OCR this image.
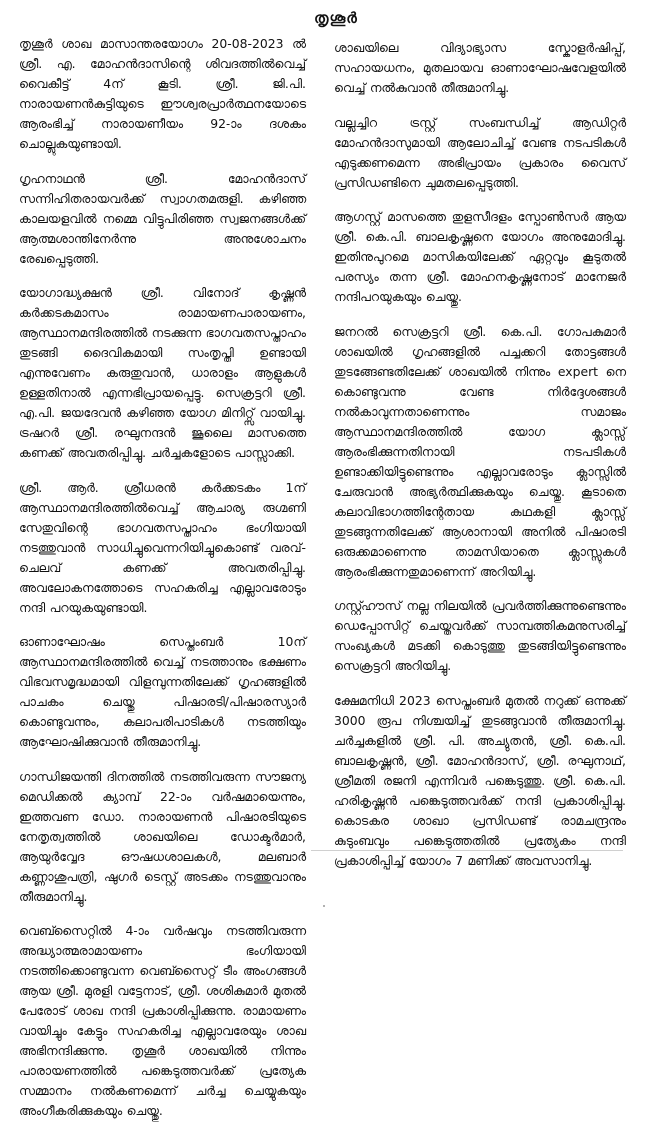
തൃശൂർ

തൃശൂർ ശാഖ മാസാന്തരയോഗം 20-08-2023 ൽ ശ്രീ. എ. മോഹൻദാസിന്റെ ശിവദത്തിൽവെച്ച് വൈകീട്ട് 4ന് കൂടി. ശ്രീ. ജി.പി. നാരായണൻകുട്ടിയുടെ ഈശ്വരപ്രാർത്ഥനയോടെ ആരംഭിച്ച് നാരായണീയം 92-ാം ദശകം ചൊല്ലുകയുണ്ടായി.

ഗൃഹനാഥൻ ശ്രീ. മോഹൻദാസ് സന്നിഹിതരായവർക്ക് സ്വാഗതമരുളി. കഴിഞ്ഞ കാലയളവിൽ നമ്മെ വിട്ടുപിരിഞ്ഞ സ്വജനങ്ങൾക്ക് ആത്മശാന്തിനേർന്നു അനുശോചനം രേഖപ്പെടുത്തി.

യോഗാദ്ധ്യക്ഷൻ ശ്രീ. വിനോദ് കൃഷ്ണൻ കർക്കടകമാസം രാമായണപാരായണം, ആസ്ഥാനമന്ദിരത്തിൽ നടക്കുന്ന ഭാഗവതസപ്താഹം തുടങ്ങി ദൈവികമായി സംതൃപ്തി ഉണ്ടായി എന്നുവേണം കരുതുവാൻ, ധാരാളം ആളുകൾ ഉള്ളതിനാൽ എന്നഭിപ്രായപ്പെട്ടു. സെക്രട്ടറി ശ്രീ. എ.പി. ജയദേവൻ കഴിഞ്ഞ യോഗ മിനിറ്റ്സ് വായിച്ചു. ട്രഷറർ ശ്രീ. രഘുനന്ദൻ ജൂലൈ മാസത്തെ കണക്ക് അവതരിപ്പിച്ചു. ചർച്ചകളോടെ പാസ്സാക്കി.

ശ്രീ. ആർ. ശ്രീധരൻ കർക്കടകം 1ന് ആസ്ഥാനമന്ദിരത്തിൽവെച്ച് ആചാര്യ രുഗ്മണി സേതുവിന്റെ ഭാഗവതസപ്താഹം ഭംഗിയായി നടത്തുവാൻ സാധിച്ചുവെന്നറിയിച്ചുകൊണ്ട് വരവ്-ചെലവ് കണക്ക് അവതരിപ്പിച്ചു. അവലോകനത്തോടെ സഹകരിച്ച എല്ലാവരോടും നന്ദി പറയുകയുണ്ടായി.

ഓണാഘോഷം സെപ്തംബർ 10ന് ആസ്ഥാനമന്ദിരത്തിൽ വെച്ച് നടത്താനും ഭക്ഷണം വിഭവസമൃദ്ധമായി വിളമ്പുന്നതിലേക്ക് ഗൃഹങ്ങളിൽ പാചകം ചെയ്തു പിഷാരടി/പിഷാരസ്യാർ കൊണ്ടുവന്നും, കലാപരിപാടികൾ നടത്തിയും ആഘോഷിക്കുവാൻ തീരുമാനിച്ചു.

ഗാന്ധിജയന്തി ദിനത്തിൽ നടത്തിവരുന്ന സൗജന്യ മെഡിക്കൽ ക്യാമ്പ് 22-ാം വർഷമായെന്നും, ഇത്തവണ ഡോ. നാരായണൻ പിഷാരടിയുടെ നേതൃത്വത്തിൽ ശാഖയിലെ ഡോക്ടർമാർ, ആയുർവ്വേദ ഔഷധശാലകൾ, മലബാർ കണ്ണാശുപത്രി, ഷുഗർ ടെസ്റ്റ് അടക്കം നടത്തുവാനും തീരുമാനിച്ചു.

വെബ്സൈറ്റിൽ 4-ാം വർഷവും നടത്തിവരുന്ന അദ്ധ്യാത്മരാമായണം ഭംഗിയായി നടത്തിക്കൊണ്ടുവന്ന വെബ്സൈറ്റ് ടീം അംഗങ്ങൾ ആയ ശ്രീ. മുരളി വട്ടേനാട്, ശ്രീ. ശശികുമാർ മുതൽ പേരോട് ശാഖ നന്ദി പ്രകാശിപ്പിക്കുന്നു. രാമായണം വായിച്ചും കേട്ടും സഹകരിച്ച എല്ലാവരേയും ശാഖ അഭിനന്ദിക്കുന്നു. തൃശൂർ ശാഖയിൽ നിന്നും പാരായണത്തിൽ പങ്കെടുത്തവർക്ക് പ്രത്യേക സമ്മാനം നൽകണമെന്ന് ചർച്ച ചെയ്യുകയും അംഗീകരിക്കുകയും ചെയ്തു.

ശാഖയിലെ വിദ്യാഭ്യാസ സ്കോളർഷിപ്പ്, സഹായധനം, മുതലായവ ഓണാഘോഷവേളയിൽ വെച്ച് നൽകുവാൻ തീരുമാനിച്ചു.

വല്ലച്ചിറ ട്രസ്റ്റ് സംബന്ധിച്ച് ആഡിറ്റർ മോഹൻദാസുമായി ആലോചിച്ച് വേണ്ട നടപടികൾ എടുക്കണമെന്ന അഭിപ്രായം പ്രകാരം വൈസ് പ്രസിഡണ്ടിനെ ചുമതലപ്പെടുത്തി.

ആഗസ്റ്റ് മാസത്തെ തുളസീദളം സ്പോൺസർ ആയ ശ്രീ. കെ.പി. ബാലകൃഷ്ണനെ യോഗം അനുമോദിച്ചു. ഇതിനുപുറമെ മാസികയിലേക്ക് ഏറ്റവും കൂടുതൽ പരസ്യം തന്ന ശ്രീ. മോഹനകൃഷ്ണനോട് മാനേജർ നന്ദിപറയുകയും ചെയ്തു.

ജനറൽ സെക്രട്ടറി ശ്രീ. കെ.പി. ഗോപകുമാർ ശാഖയിൽ ഗൃഹങ്ങളിൽ പച്ചക്കറി തോട്ടങ്ങൾ തുടങ്ങേണ്ടതിലേക്ക് ശാഖയിൽ നിന്നും expert നെ കൊണ്ടുവന്നു വേണ്ട നിർദ്ദേശങ്ങൾ നൽകാവുന്നതാണെന്നും സമാജം ആസ്ഥാനമന്ദിരത്തിൽ യോഗ ക്ലാസ്സ് ആരംഭിക്കുന്നതിനായി നടപടികൾ ഉണ്ടാക്കിയിട്ടുണ്ടെന്നും എല്ലാവരോടും ക്ലാസ്സിൽ ചേരുവാൻ അഭ്യർത്ഥിക്കുകയും ചെയ്തു. കൂടാതെ കലാവിഭാഗത്തിന്റേതായ കഥകളി ക്ലാസ്സ് തുടങ്ങുന്നതിലേക്ക് ആശാനായി അനിൽ പിഷാരടി ഒരുക്കമാണെന്നു താമസിയാതെ ക്ലാസ്സുകൾ ആരംഭിക്കുന്നതുമാണെന്ന് അറിയിച്ചു.

ഗസ്റ്റ്ഹൗസ് നല്ല നിലയിൽ പ്രവർത്തിക്കുന്നുണ്ടെന്നും ഡെപ്പോസിറ്റ് ചെയ്തവർക്ക് സാമ്പത്തികമനുസരിച്ച് സംഖ്യകൾ മടക്കി കൊടുത്തു തുടങ്ങിയിട്ടുണ്ടെന്നും സെക്രട്ടറി അറിയിച്ചു.

ക്ഷേമനിധി 2023 സെപ്തംബർ മുതൽ നറുക്ക് ഒന്നുക്ക് 3000 രൂപ നിശ്ചയിച്ച് തുടങ്ങുവാൻ തീരുമാനിച്ചു. ചർച്ചകളിൽ ശ്രീ. പി. അച്യുതൻ, ശ്രീ. കെ.പി. ബാലകൃഷ്ണൻ, ശ്രീ. മോഹൻദാസ്, ശ്രീ. രഘുനാഥ്, ശ്രീമതി രജനി എന്നിവർ പങ്കെടുത്തു. ശ്രീ. കെ.പി. ഹരികൃഷ്ണൻ പങ്കെടുത്തവർക്ക് നന്ദി പ്രകാശിപ്പിച്ചു. കൊടകര ശാഖാ പ്രസിഡണ്ട് രാമചന്ദ്രനും കുടുംബവും പങ്കെടുത്തതിൽ പ്രത്യേകം നന്ദി പ്രകാശിപ്പിച്ച് യോഗം 7 മണിക്ക് അവസാനിച്ചു.
